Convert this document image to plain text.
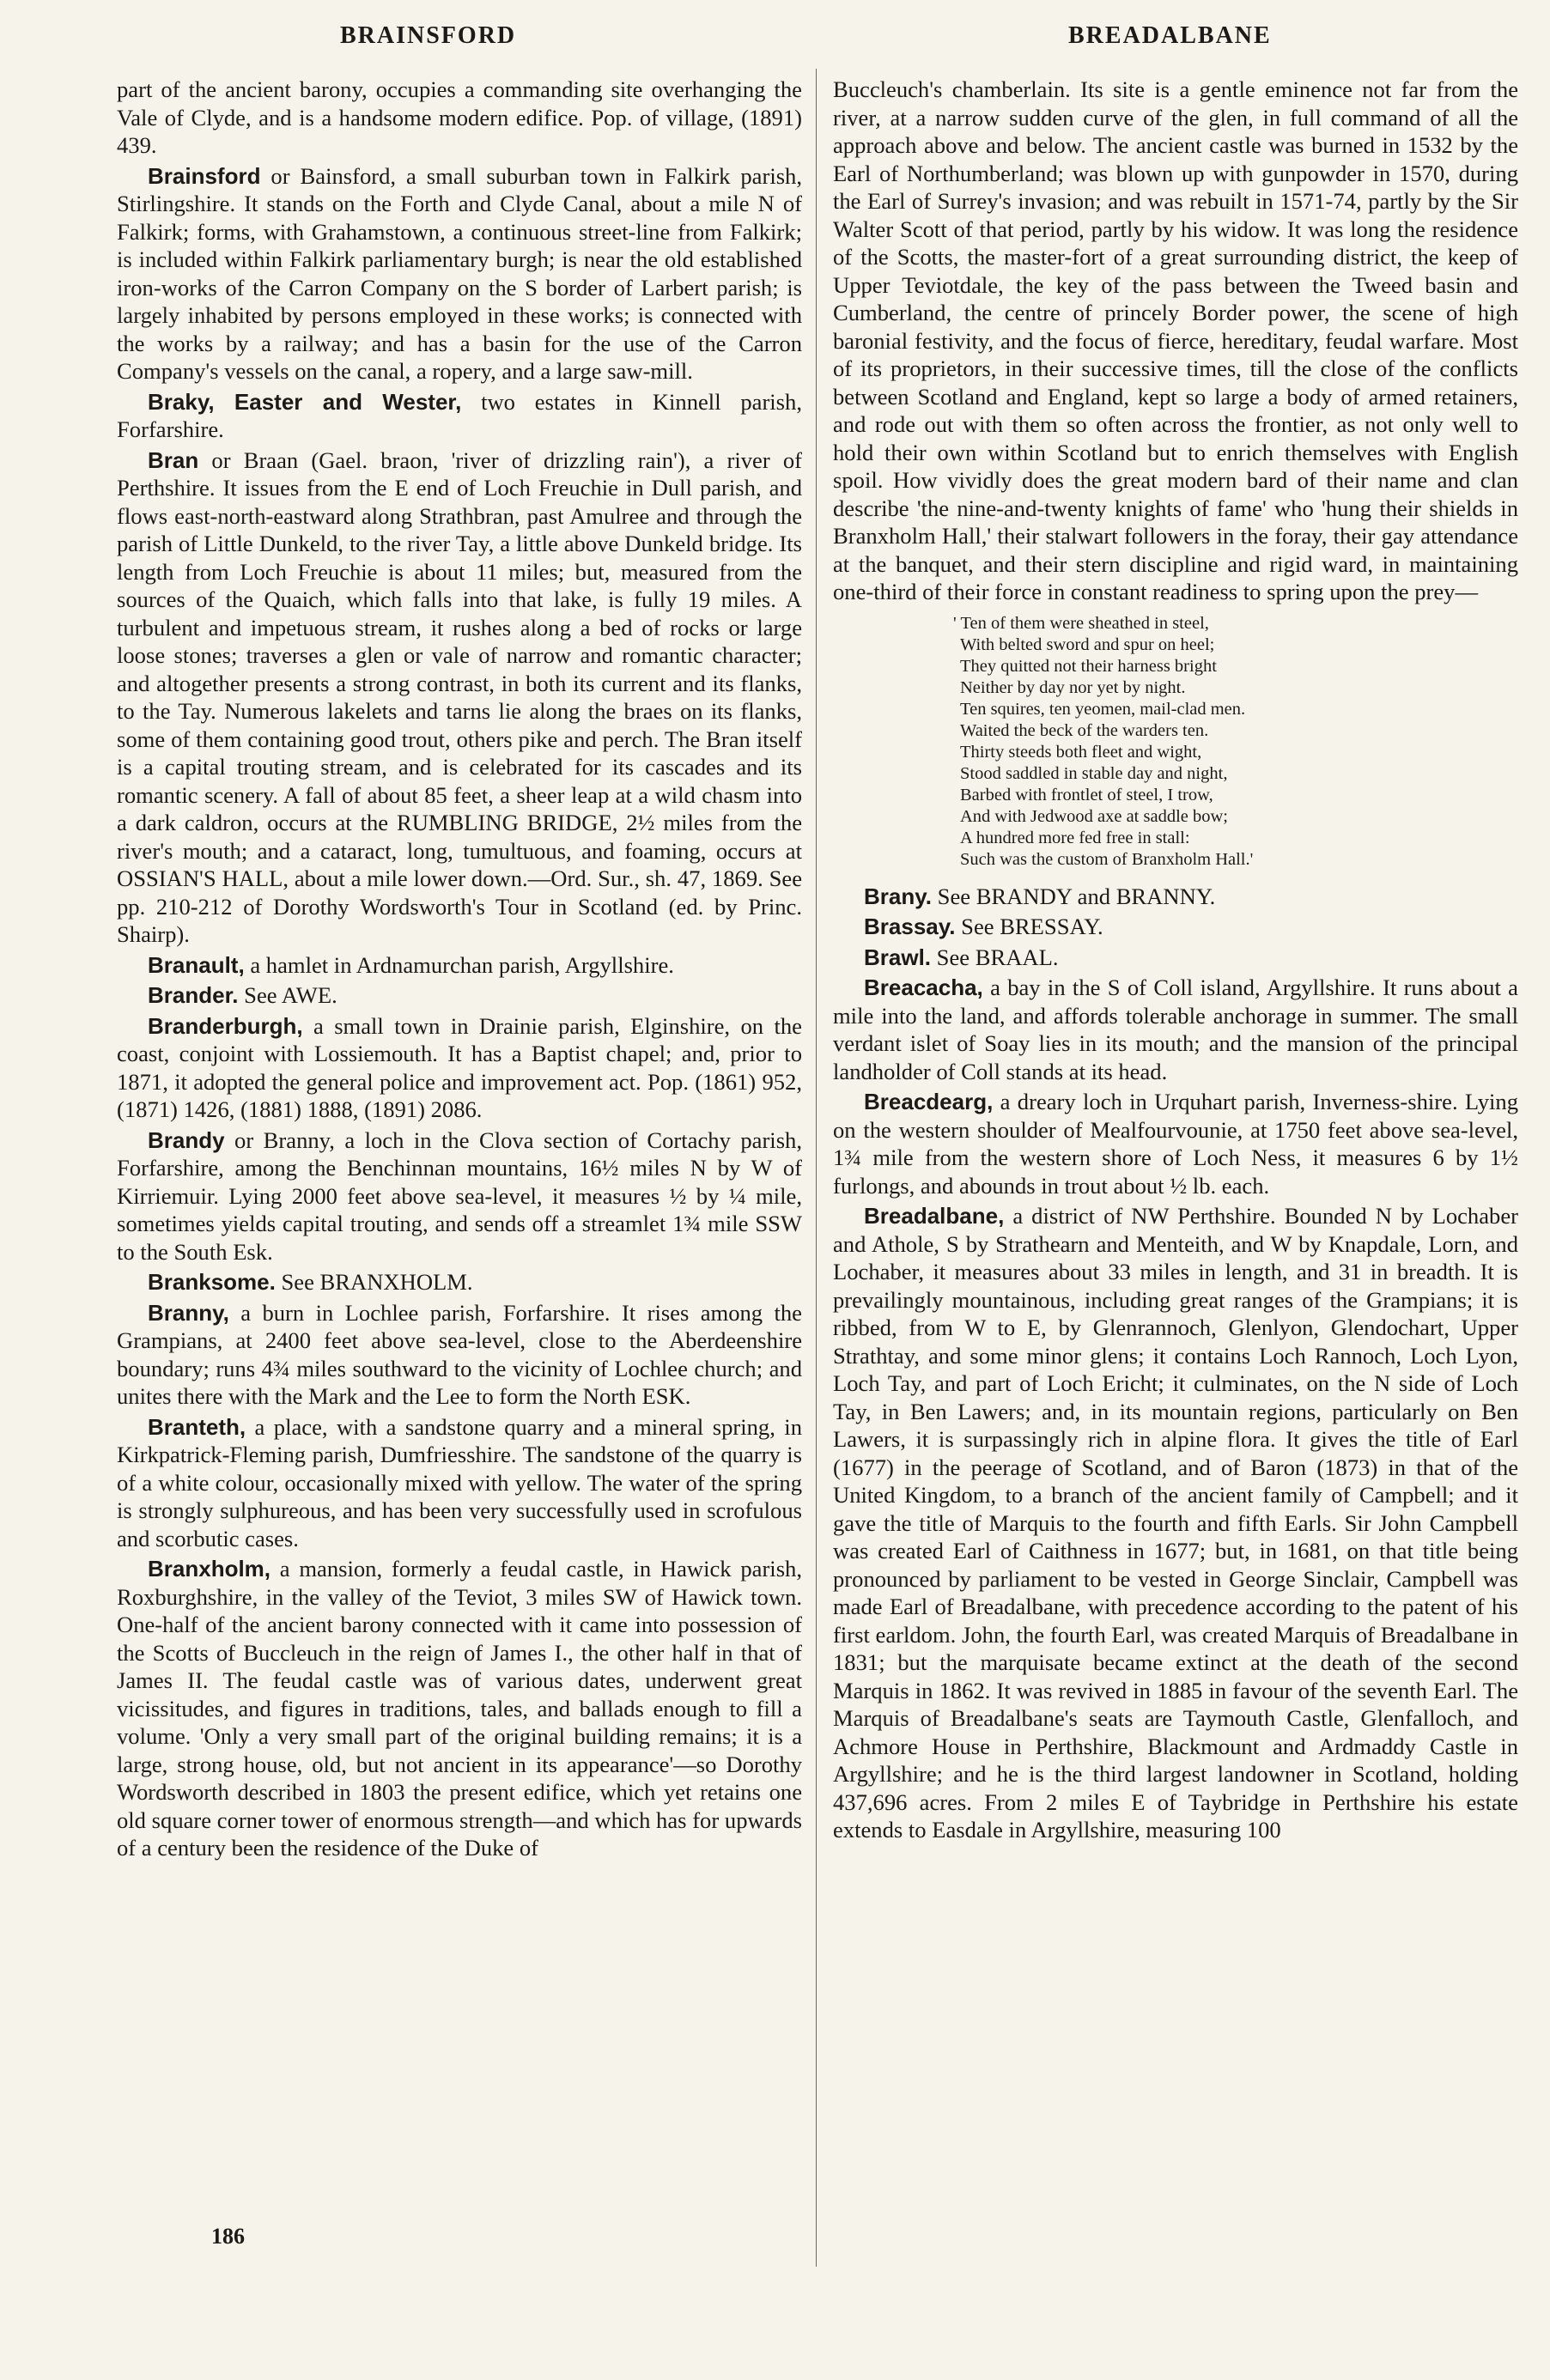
BRAINSFORD	BREADALBANE

part of the ancient barony, occupies a commanding site overhanging the Vale of Clyde, and is a handsome modern edifice. Pop. of village, (1891) 439.

Brainsford or Bainsford, a small suburban town in Falkirk parish, Stirlingshire. It stands on the Forth and Clyde Canal, about a mile N of Falkirk; forms, with Grahamstown, a continuous street-line from Falkirk; is included within Falkirk parliamentary burgh; is near the old established iron-works of the Carron Company on the S border of Larbert parish; is largely inhabited by persons employed in these works; is connected with the works by a railway; and has a basin for the use of the Carron Company's vessels on the canal, a ropery, and a large saw-mill.

Braky, Easter and Wester, two estates in Kinnell parish, Forfarshire.

Bran or Braan (Gael. braon, 'river of drizzling rain'), a river of Perthshire. It issues from the E end of Loch Freuchie in Dull parish, and flows east-north-eastward along Strathbran, past Amulree and through the parish of Little Dunkeld, to the river Tay, a little above Dunkeld bridge. Its length from Loch Freuchie is about 11 miles; but, measured from the sources of the Quaich, which falls into that lake, is fully 19 miles. A turbulent and impetuous stream, it rushes along a bed of rocks or large loose stones; traverses a glen or vale of narrow and romantic character; and altogether presents a strong contrast, in both its current and its flanks, to the Tay. Numerous lakelets and tarns lie along the braes on its flanks, some of them containing good trout, others pike and perch. The Bran itself is a capital trouting stream, and is celebrated for its cascades and its romantic scenery. A fall of about 85 feet, a sheer leap at a wild chasm into a dark caldron, occurs at the RUMBLING BRIDGE, 2½ miles from the river's mouth; and a cataract, long, tumultuous, and foaming, occurs at OSSIAN'S HALL, about a mile lower down.—Ord. Sur., sh. 47, 1869. See pp. 210-212 of Dorothy Wordsworth's Tour in Scotland (ed. by Princ. Shairp).

Branault, a hamlet in Ardnamurchan parish, Argyllshire.

Brander. See AWE.

Branderburgh, a small town in Drainie parish, Elginshire, on the coast, conjoint with Lossiemouth. It has a Baptist chapel; and, prior to 1871, it adopted the general police and improvement act. Pop. (1861) 952, (1871) 1426, (1881) 1888, (1891) 2086.

Brandy or Branny, a loch in the Clova section of Cortachy parish, Forfarshire, among the Benchinnan mountains, 16½ miles N by W of Kirriemuir. Lying 2000 feet above sea-level, it measures ½ by ¼ mile, sometimes yields capital trouting, and sends off a streamlet 1¾ mile SSW to the South Esk.

Branksome. See BRANXHOLM.

Branny, a burn in Lochlee parish, Forfarshire. It rises among the Grampians, at 2400 feet above sea-level, close to the Aberdeenshire boundary; runs 4¾ miles southward to the vicinity of Lochlee church; and unites there with the Mark and the Lee to form the North ESK.

Branteth, a place, with a sandstone quarry and a mineral spring, in Kirkpatrick-Fleming parish, Dumfriesshire. The sandstone of the quarry is of a white colour, occasionally mixed with yellow. The water of the spring is strongly sulphureous, and has been very successfully used in scrofulous and scorbutic cases.

Branxholm, a mansion, formerly a feudal castle, in Hawick parish, Roxburghshire, in the valley of the Teviot, 3 miles SW of Hawick town. One-half of the ancient barony connected with it came into possession of the Scotts of Buccleuch in the reign of James I., the other half in that of James II. The feudal castle was of various dates, underwent great vicissitudes, and figures in traditions, tales, and ballads enough to fill a volume. 'Only a very small part of the original building remains; it is a large, strong house, old, but not ancient in its appearance'—so Dorothy Wordsworth described in 1803 the present edifice, which yet retains one old square corner tower of enormous strength—and which has for upwards of a century been the residence of the Duke of

Buccleuch's chamberlain. Its site is a gentle eminence not far from the river, at a narrow sudden curve of the glen, in full command of all the approach above and below. The ancient castle was burned in 1532 by the Earl of Northumberland; was blown up with gunpowder in 1570, during the Earl of Surrey's invasion; and was rebuilt in 1571-74, partly by the Sir Walter Scott of that period, partly by his widow. It was long the residence of the Scotts, the master-fort of a great surrounding district, the keep of Upper Teviotdale, the key of the pass between the Tweed basin and Cumberland, the centre of princely Border power, the scene of high baronial festivity, and the focus of fierce, hereditary, feudal warfare. Most of its proprietors, in their successive times, till the close of the conflicts between Scotland and England, kept so large a body of armed retainers, and rode out with them so often across the frontier, as not only well to hold their own within Scotland but to enrich themselves with English spoil. How vividly does the great modern bard of their name and clan describe 'the nine-and-twenty knights of fame' who 'hung their shields in Branxholm Hall,' their stalwart followers in the foray, their gay attendance at the banquet, and their stern discipline and rigid ward, in maintaining one-third of their force in constant readiness to spring upon the prey—

' Ten of them were sheathed in steel,
With belted sword and spur on heel;
They quitted not their harness bright
Neither by day nor yet by night.
Ten squires, ten yeomen, mail-clad men.
Waited the beck of the warders ten.
Thirty steeds both fleet and wight,
Stood saddled in stable day and night,
Barbed with frontlet of steel, I trow,
And with Jedwood axe at saddle bow;
A hundred more fed free in stall:
Such was the custom of Branxholm Hall.'

Brany. See BRANDY and BRANNY.

Brassay. See BRESSAY.

Brawl. See BRAAL.

Breacacha, a bay in the S of Coll island, Argyllshire. It runs about a mile into the land, and affords tolerable anchorage in summer. The small verdant islet of Soay lies in its mouth; and the mansion of the principal landholder of Coll stands at its head.

Breacdearg, a dreary loch in Urquhart parish, Inverness-shire. Lying on the western shoulder of Mealfourvounie, at 1750 feet above sea-level, 1¾ mile from the western shore of Loch Ness, it measures 6 by 1½ furlongs, and abounds in trout about ½ lb. each.

Breadalbane, a district of NW Perthshire. Bounded N by Lochaber and Athole, S by Strathearn and Menteith, and W by Knapdale, Lorn, and Lochaber, it measures about 33 miles in length, and 31 in breadth. It is prevailingly mountainous, including great ranges of the Grampians; it is ribbed, from W to E, by Glenrannoch, Glenlyon, Glendochart, Upper Strathtay, and some minor glens; it contains Loch Rannoch, Loch Lyon, Loch Tay, and part of Loch Ericht; it culminates, on the N side of Loch Tay, in Ben Lawers; and, in its mountain regions, particularly on Ben Lawers, it is surpassingly rich in alpine flora. It gives the title of Earl (1677) in the peerage of Scotland, and of Baron (1873) in that of the United Kingdom, to a branch of the ancient family of Campbell; and it gave the title of Marquis to the fourth and fifth Earls. Sir John Campbell was created Earl of Caithness in 1677; but, in 1681, on that title being pronounced by parliament to be vested in George Sinclair, Campbell was made Earl of Breadalbane, with precedence according to the patent of his first earldom. John, the fourth Earl, was created Marquis of Breadalbane in 1831; but the marquisate became extinct at the death of the second Marquis in 1862. It was revived in 1885 in favour of the seventh Earl. The Marquis of Breadalbane's seats are Taymouth Castle, Glenfalloch, and Achmore House in Perthshire, Blackmount and Ardmaddy Castle in Argyllshire; and he is the third largest landowner in Scotland, holding 437,696 acres. From 2 miles E of Taybridge in Perthshire his estate extends to Easdale in Argyllshire, measuring 100

186
